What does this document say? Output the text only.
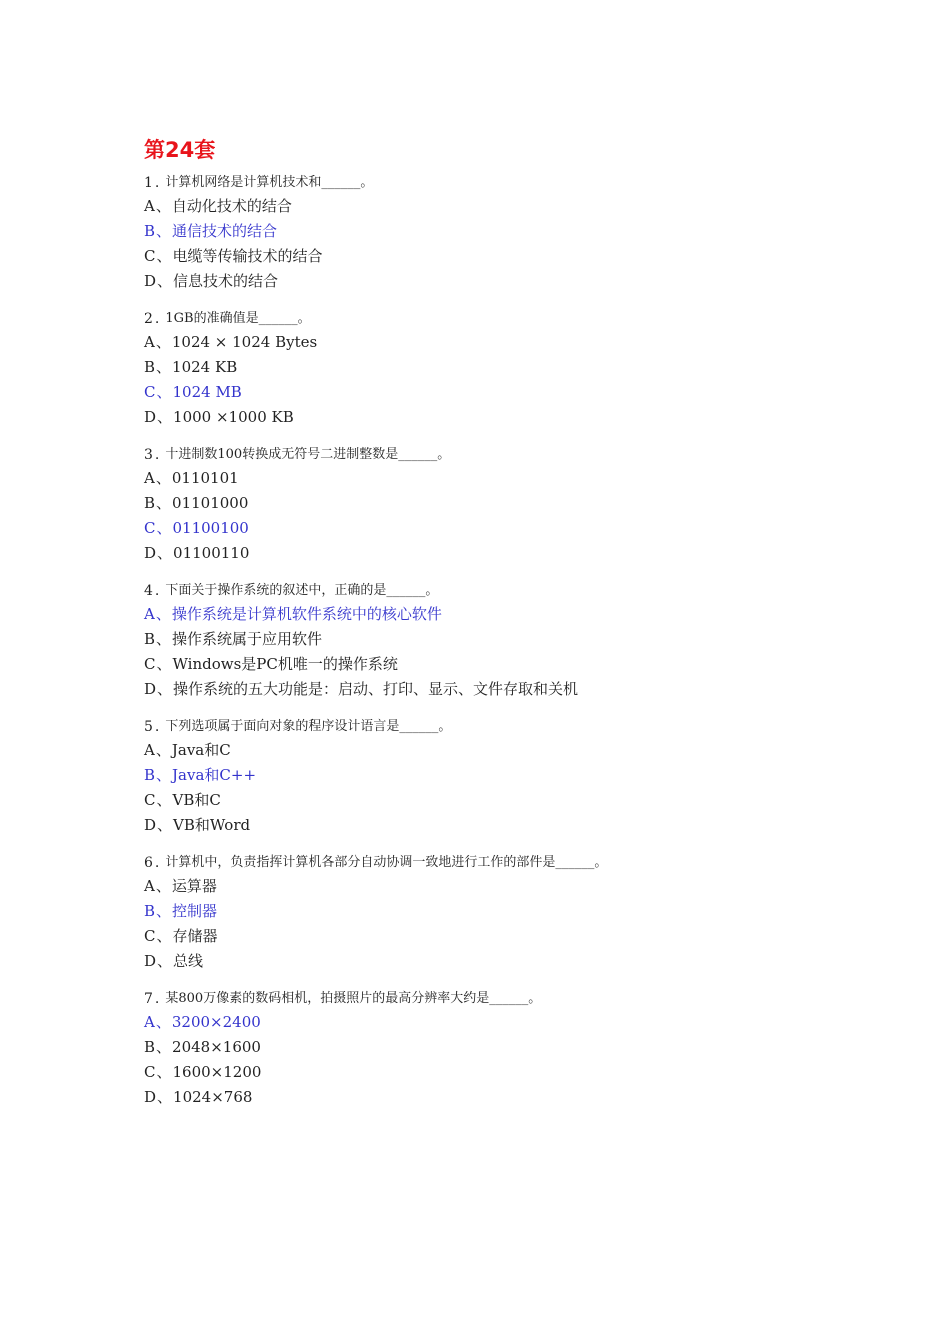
第24套
1 . 计算机网络是计算机技术和______。
A、自动化技术的结合
B、通信技术的结合
C、电缆等传输技术的结合
D、信息技术的结合
2 . 1GB的准确值是______。
A、1024 × 1024 Bytes
B、1024 KB
C、1024 MB
D、1000 ×1000 KB
3 . 十进制数100转换成无符号二进制整数是______。
A、0110101
B、01101000
C、01100100
D、01100110
4 . 下面关于操作系统的叙述中，正确的是______。
A、操作系统是计算机软件系统中的核心软件
B、操作系统属于应用软件
C、Windows是PC机唯一的操作系统
D、操作系统的五大功能是：启动、打印、显示、文件存取和关机
5 . 下列选项属于面向对象的程序设计语言是______。
A、Java和C
B、Java和C++
C、VB和C
D、VB和Word
6 . 计算机中，负责指挥计算机各部分自动协调一致地进行工作的部件是______。
A、运算器
B、控制器
C、存储器
D、总线
7 . 某800万像素的数码相机，拍摄照片的最高分辨率大约是______。
A、3200×2400
B、2048×1600
C、1600×1200
D、1024×768
